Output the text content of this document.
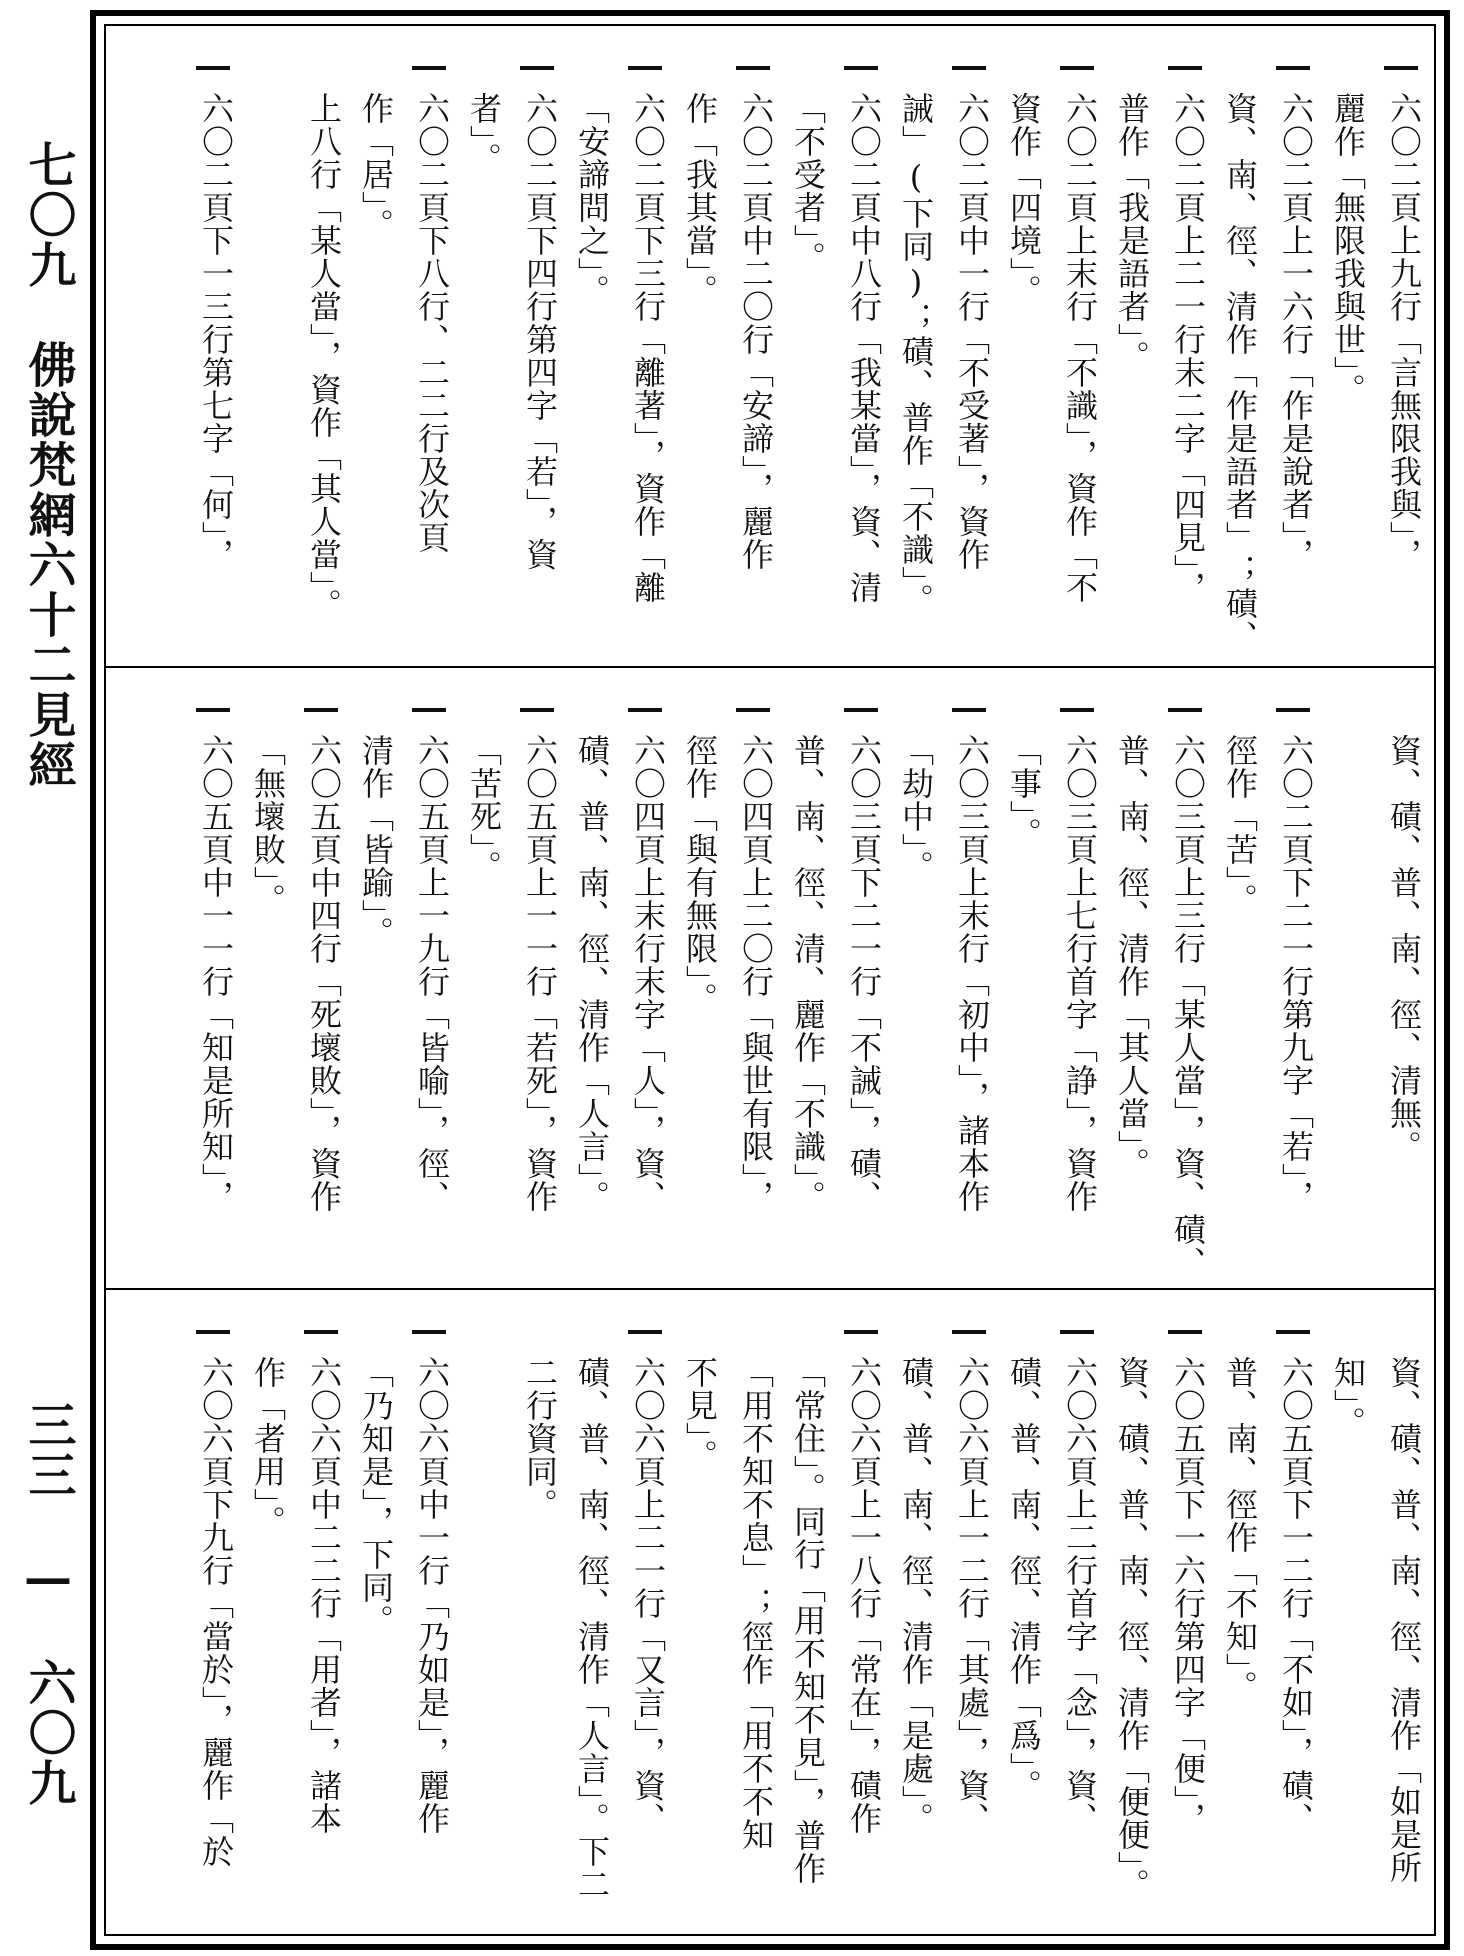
七〇九　佛說梵網六十二見經
三三　—　六〇九
六〇二頁上九行「言無限我與」，
麗作「無限我與世」。
六〇二頁上一六行「作是說者」，
資、南、徑、清作「作是語者」；磧、
六〇二頁上二一行末二字「四見」，
普作「我是語者」。
六〇二頁上末行「不識」，資作「不
資作「四境」。
六〇二頁中一行「不受著」，資作
誡」(下同)；磧、普作「不識」。
六〇二頁中八行「我某當」，資、清
「不受者」。
六〇二頁中二〇行「安諦」，麗作
作「我其當」。
六〇二頁下三行「離著」，資作「離
「安諦問之」。
六〇二頁下四行第四字「若」，資
者」。
六〇二頁下八行、二二行及次頁
作「居」。
上八行「某人當」，資作「其人當」。
六〇二頁下一三行第七字「何」，
資、磧、普、南、徑、清無。
六〇二頁下二一行第九字「若」，
徑作「苦」。
六〇三頁上三行「某人當」，資、磧、
普、南、徑、清作「其人當」。
六〇三頁上七行首字「諍」，資作
「事」。
六〇三頁上末行「初中」，諸本作
「劫中」。
六〇三頁下二一行「不誡」，磧、
普、南、徑、清、麗作「不識」。
六〇四頁上二〇行「與世有限」，
徑作「與有無限」。
六〇四頁上末行末字「人」，資、
磧、普、南、徑、清作「人言」。
六〇五頁上一一行「若死」，資作
「苦死」。
六〇五頁上一九行「皆喻」，徑、
清作「皆踰」。
六〇五頁中四行「死壞敗」，資作
「無壞敗」。
六〇五頁中一一行「知是所知」，
資、磧、普、南、徑、清作「如是所
知」。
六〇五頁下一二行「不如」，磧、
普、南、徑作「不知」。
六〇五頁下一六行第四字「便」，
資、磧、普、南、徑、清作「便便」。
六〇六頁上二行首字「念」，資、
磧、普、南、徑、清作「爲」。
六〇六頁上一二行「其處」，資、
磧、普、南、徑、清作「是處」。
六〇六頁上一八行「常在」，磧作
「常住」。同行「用不知不見」，普作
「用不知不息」；徑作「用不不知
不見」。
六〇六頁上二一行「又言」，資、
磧、普、南、徑、清作「人言」。下二
二行資同。
六〇六頁中一行「乃如是」，麗作
「乃知是」，下同。
六〇六頁中二二行「用者」，諸本
作「者用」。
六〇六頁下九行「當於」，麗作「於
